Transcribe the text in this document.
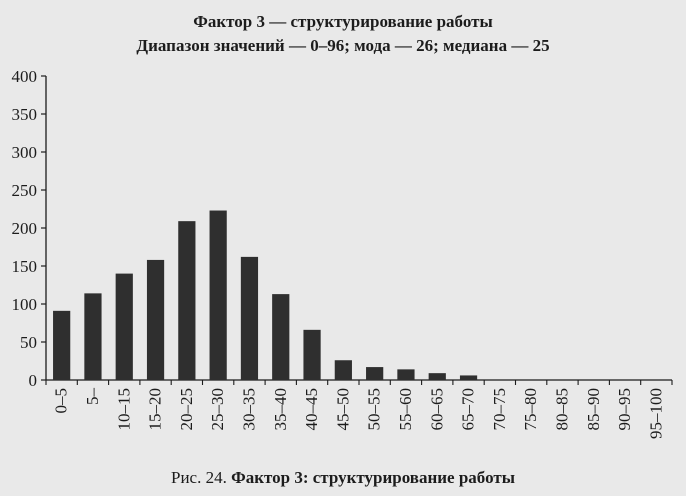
Фактор 3 — структурирование работы
Диапазон значений — 0–96; мода — 26; медиана — 25
0
50
100
150
200
250
300
350
400
0–5 5– 10–15 15–20 20–25 25–30 30–35 35–40 40–45 45–50 50–55 55–60 60–65 65–70 70–75 75–80 80–85 85–90 90–95 95–100
Рис. 24. Фактор 3: структурирование работы
